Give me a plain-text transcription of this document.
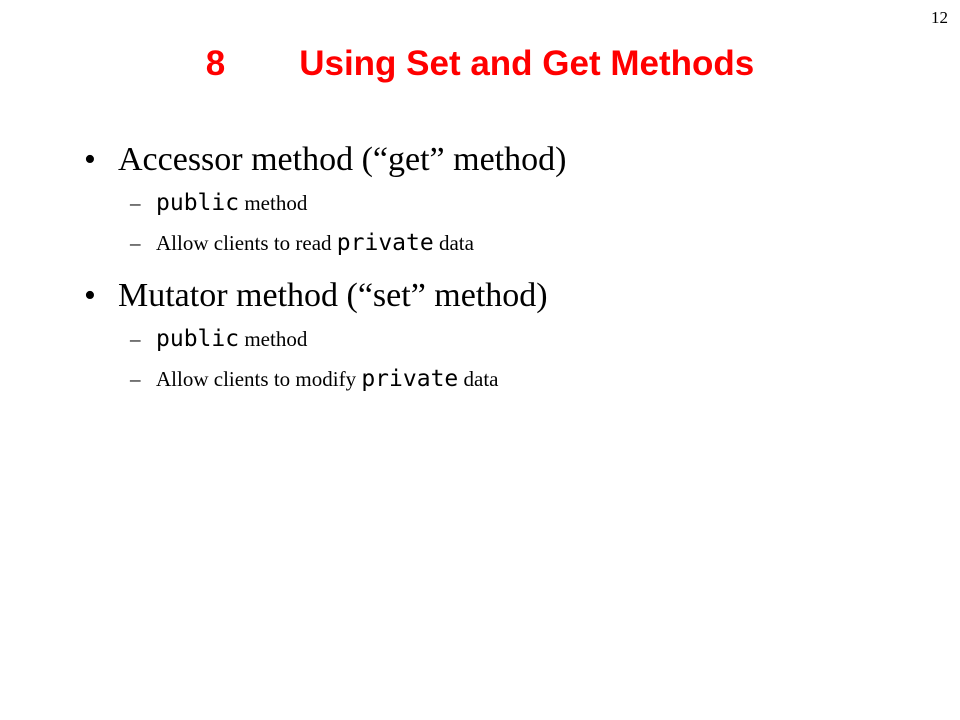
12
8 Using Set and Get Methods
• Accessor method (“get” method)
– public method
– Allow clients to read private data
• Mutator method (“set” method)
– public method
– Allow clients to modify private data
